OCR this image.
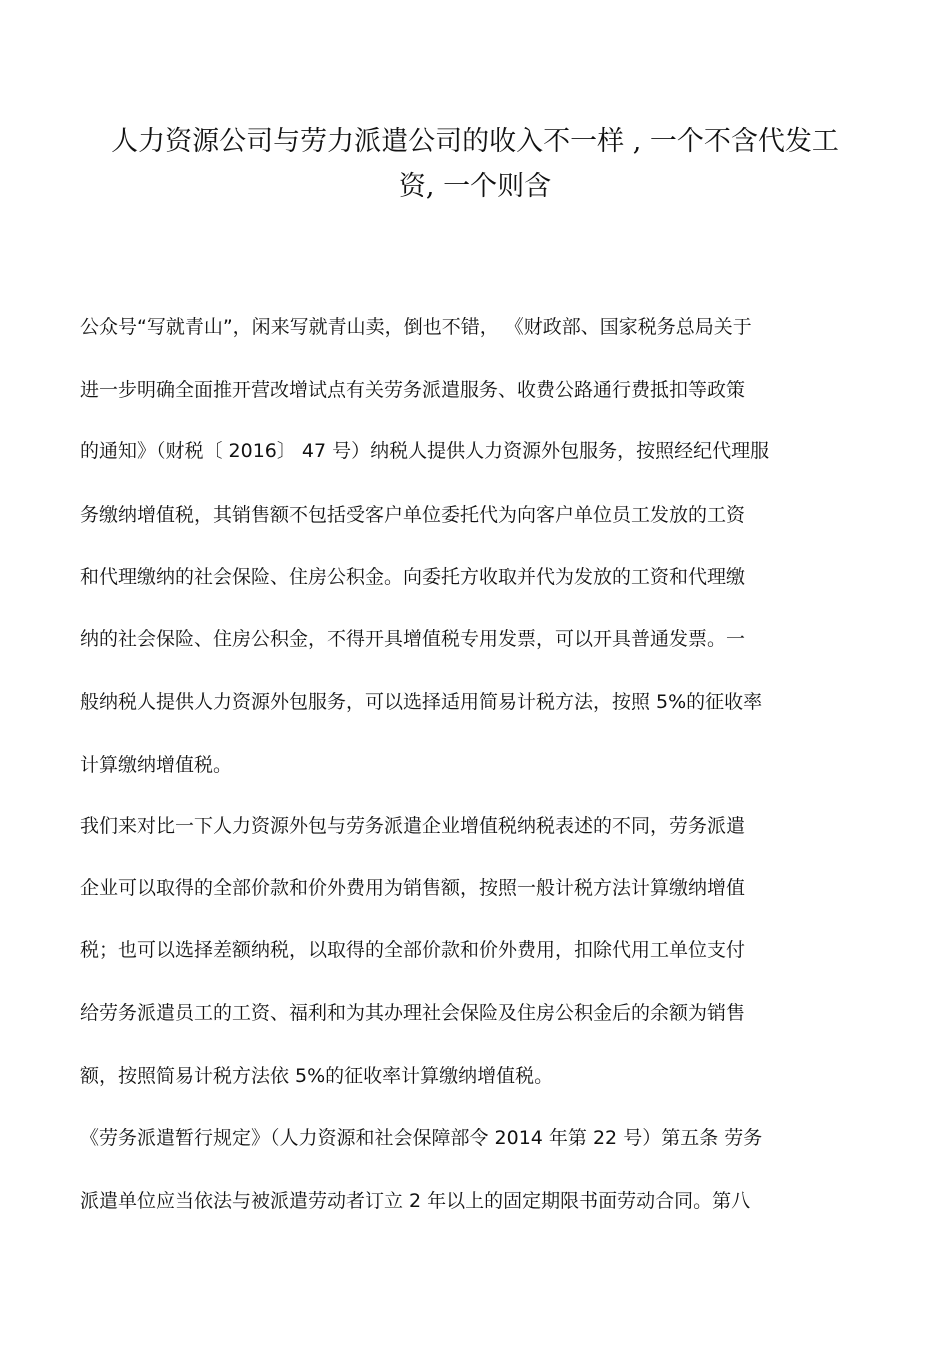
人力资源公司与劳力派遣公司的收入不一样 , 一个不含代发工
资, 一个则含
公众号“写就青山”，闲来写就青山卖，倒也不错， 《财政部、国家税务总局关于
进一步明确全面推开营改增试点有关劳务派遣服务、收费公路通行费抵扣等政策
的通知》（财税〔 2016〕 47 号）纳税人提供人力资源外包服务，按照经纪代理服
务缴纳增值税，其销售额不包括受客户单位委托代为向客户单位员工发放的工资
和代理缴纳的社会保险、住房公积金。向委托方收取并代为发放的工资和代理缴
纳的社会保险、住房公积金，不得开具增值税专用发票，可以开具普通发票。一
般纳税人提供人力资源外包服务，可以选择适用简易计税方法，按照 5%的征收率
计算缴纳增值税。
我们来对比一下人力资源外包与劳务派遣企业增值税纳税表述的不同，劳务派遣
企业可以取得的全部价款和价外费用为销售额，按照一般计税方法计算缴纳增值
税；也可以选择差额纳税，以取得的全部价款和价外费用，扣除代用工单位支付
给劳务派遣员工的工资、福利和为其办理社会保险及住房公积金后的余额为销售
额，按照简易计税方法依 5%的征收率计算缴纳增值税。
《劳务派遣暂行规定》（人力资源和社会保障部令 2014 年第 22 号）第五条 劳务
派遣单位应当依法与被派遣劳动者订立 2 年以上的固定期限书面劳动合同。第八
